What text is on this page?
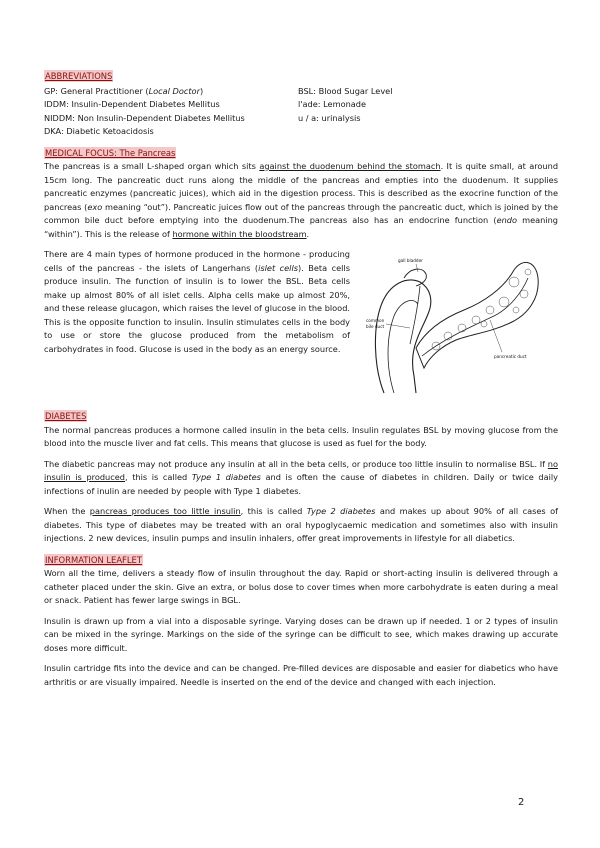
ABBREVIATIONS
GP: General Practitioner (Local Doctor)	BSL: Blood Sugar Level
IDDM: Insulin-Dependent Diabetes Mellitus	l'ade: Lemonade
NIDDM: Non Insulin-Dependent Diabetes Mellitus	u / a: urinalysis
DKA: Diabetic Ketoacidosis
MEDICAL FOCUS: The Pancreas

The pancreas is a small L-shaped organ which sits against the duodenum behind the stomach. It is quite small, at around 15cm long. The pancreatic duct runs along the middle of the pancreas and empties into the duodenum. It supplies pancreatic enzymes (pancreatic juices), which aid in the digestion process. This is described as the exocrine function of the pancreas (exo meaning “out”). Pancreatic juices flow out of the pancreas through the pancreatic duct, which is joined by the common bile duct before emptying into the duodenum.The pancreas also has an endocrine function (endo meaning “within”). This is the release of hormone within the bloodstream.

There are 4 main types of hormone produced in the hormone - producing cells of the pancreas - the islets of Langerhans (islet cells). Beta cells produce insulin. The function of insulin is to lower the BSL. Beta cells make up almost 80% of all islet cells. Alpha cells make up almost 20%, and these release glucagon, which raises the level of glucose in the blood. This is the opposite function to insulin. Insulin stimulates cells in the body to use or store the glucose produced from the metabolism of carbohydrates in food. Glucose is used in the body as an energy source.

gall bladder
common
bile duct
pancreatic duct
DIABETES

The normal pancreas produces a hormone called insulin in the beta cells. Insulin regulates BSL by moving glucose from the blood into the muscle liver and fat cells. This means that glucose is used as fuel for the body.

The diabetic pancreas may not produce any insulin at all in the beta cells, or produce too little insulin to normalise BSL. If no insulin is produced, this is called Type 1 diabetes and is often the cause of diabetes in children. Daily or twice daily infections of inulin are needed by people with Type 1 diabetes.

When the pancreas produces too little insulin, this is called Type 2 diabetes and makes up about 90% of all cases of diabetes. This type of diabetes may be treated with an oral hypoglycaemic medication and sometimes also with insulin injections. 2 new devices, insulin pumps and insulin inhalers, offer great improvements in lifestyle for all diabetics.

INFORMATION LEAFLET

Worn all the time, delivers a steady flow of insulin throughout the day. Rapid or short-acting insulin is delivered through a catheter placed under the skin. Give an extra, or bolus dose to cover times when more carbohydrate is eaten during a meal or snack. Patient has fewer large swings in BGL.

Insulin is drawn up from a vial into a disposable syringe. Varying doses can be drawn up if needed. 1 or 2 types of insulin can be mixed in the syringe. Markings on the side of the syringe can be difficult to see, which makes drawing up accurate doses more difficult.

Insulin cartridge fits into the device and can be changed. Pre-filled devices are disposable and easier for diabetics who have arthritis or are visually impaired. Needle is inserted on the end of the device and changed with each injection.

2
